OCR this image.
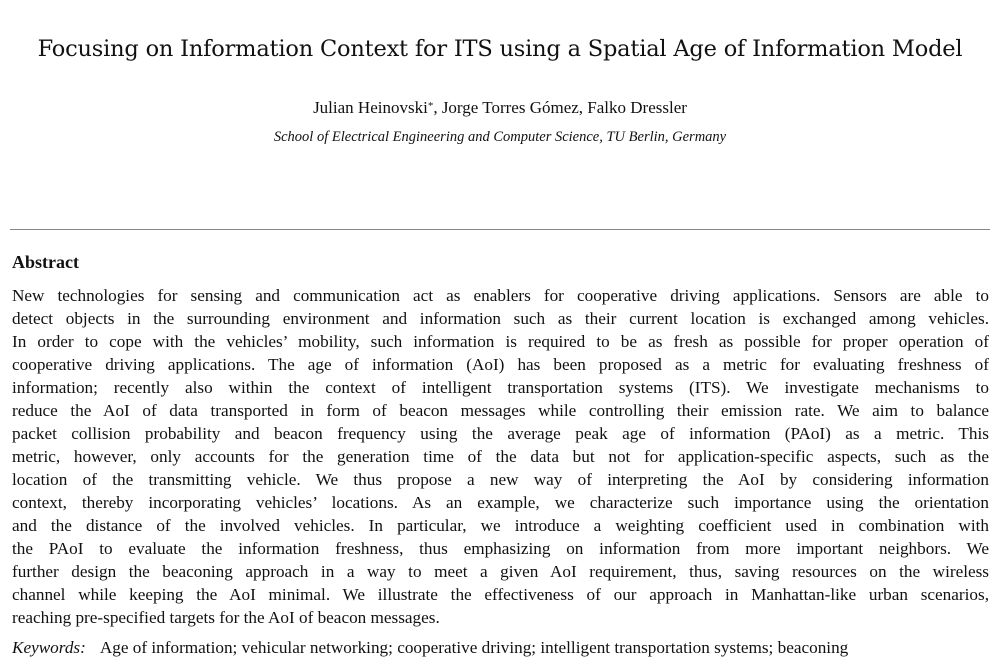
Focusing on Information Context for ITS using a Spatial Age of Information Model
Julian Heinovski*, Jorge Torres Gómez, Falko Dressler
School of Electrical Engineering and Computer Science, TU Berlin, Germany
Abstract
New technologies for sensing and communication act as enablers for cooperative driving applications. Sensors are able to
detect objects in the surrounding environment and information such as their current location is exchanged among vehicles.
In order to cope with the vehicles’ mobility, such information is required to be as fresh as possible for proper operation of
cooperative driving applications. The age of information (AoI) has been proposed as a metric for evaluating freshness of
information; recently also within the context of intelligent transportation systems (ITS). We investigate mechanisms to
reduce the AoI of data transported in form of beacon messages while controlling their emission rate. We aim to balance
packet collision probability and beacon frequency using the average peak age of information (PAoI) as a metric. This
metric, however, only accounts for the generation time of the data but not for application-specific aspects, such as the
location of the transmitting vehicle. We thus propose a new way of interpreting the AoI by considering information
context, thereby incorporating vehicles’ locations. As an example, we characterize such importance using the orientation
and the distance of the involved vehicles. In particular, we introduce a weighting coefficient used in combination with
the PAoI to evaluate the information freshness, thus emphasizing on information from more important neighbors. We
further design the beaconing approach in a way to meet a given AoI requirement, thus, saving resources on the wireless
channel while keeping the AoI minimal. We illustrate the effectiveness of our approach in Manhattan-like urban scenarios,
reaching pre-specified targets for the AoI of beacon messages.
Keywords: Age of information; vehicular networking; cooperative driving; intelligent transportation systems; beaconing
